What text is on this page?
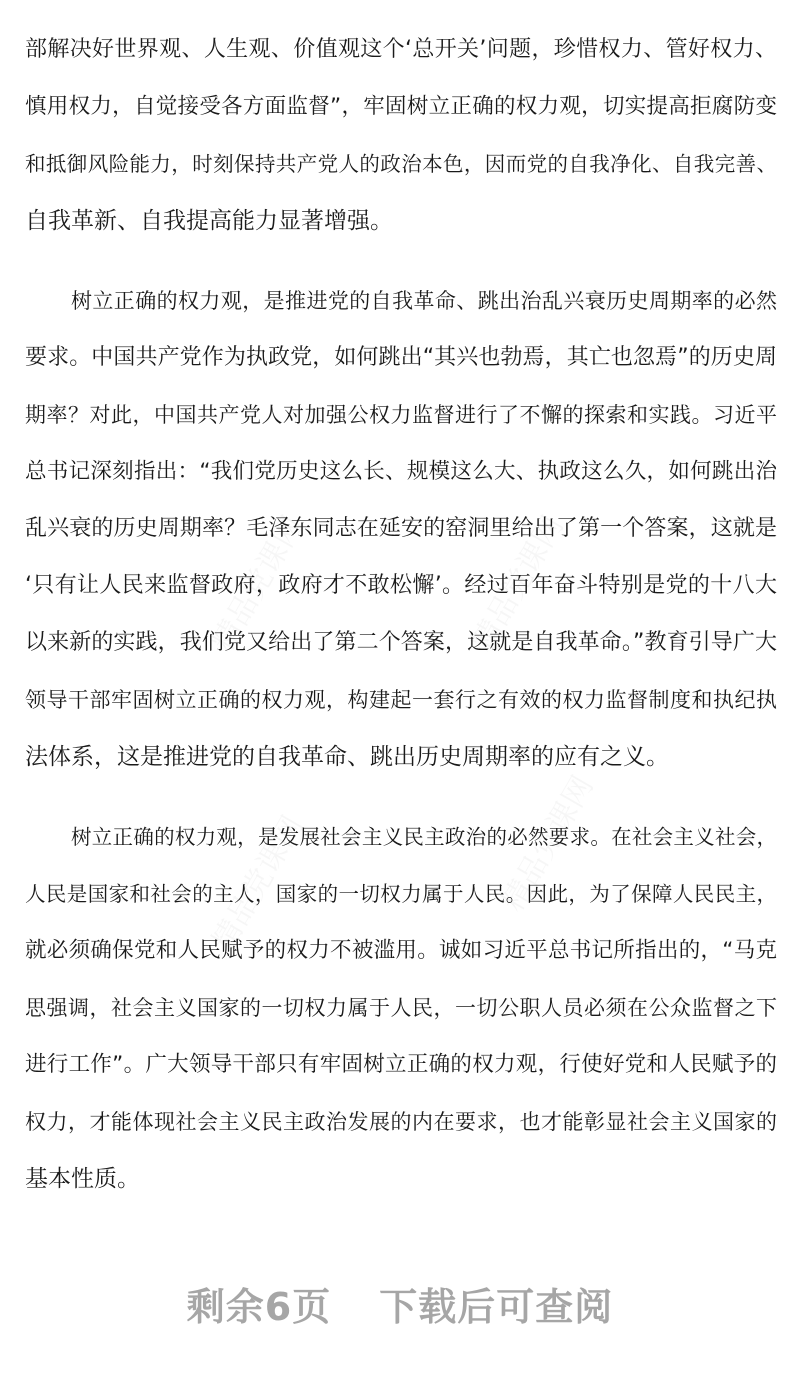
部解决好世界观、人生观、价值观这个‘总开关’问题，珍惜权力、管好权力、
慎用权力，自觉接受各方面监督”，牢固树立正确的权力观，切实提高拒腐防变
和抵御风险能力，时刻保持共产党人的政治本色，因而党的自我净化、自我完善、
自我革新、自我提高能力显著增强。
树立正确的权力观，是推进党的自我革命、跳出治乱兴衰历史周期率的必然
要求。中国共产党作为执政党，如何跳出“其兴也勃焉，其亡也忽焉”的历史周
期率？对此，中国共产党人对加强公权力监督进行了不懈的探索和实践。习近平
总书记深刻指出：“我们党历史这么长、规模这么大、执政这么久，如何跳出治
乱兴衰的历史周期率？毛泽东同志在延安的窑洞里给出了第一个答案，这就是
‘只有让人民来监督政府，政府才不敢松懈’。经过百年奋斗特别是党的十八大
以来新的实践，我们党又给出了第二个答案，这就是自我革命。”教育引导广大
领导干部牢固树立正确的权力观，构建起一套行之有效的权力监督制度和执纪执
法体系，这是推进党的自我革命、跳出历史周期率的应有之义。
树立正确的权力观，是发展社会主义民主政治的必然要求。在社会主义社会，
人民是国家和社会的主人，国家的一切权力属于人民。因此，为了保障人民民主，
就必须确保党和人民赋予的权力不被滥用。诚如习近平总书记所指出的，“马克
思强调，社会主义国家的一切权力属于人民，一切公职人员必须在公众监督之下
进行工作”。广大领导干部只有牢固树立正确的权力观，行使好党和人民赋予的
权力，才能体现社会主义民主政治发展的内在要求，也才能彰显社会主义国家的
基本性质。
剩余6页 下载后可查阅
